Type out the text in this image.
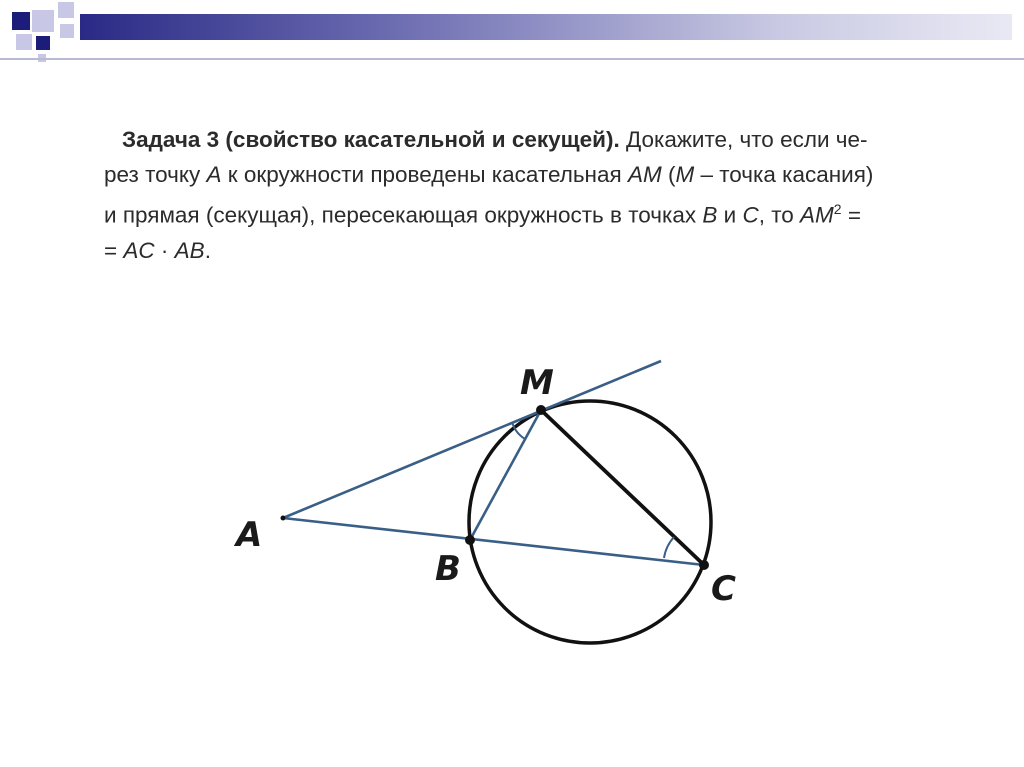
Задача 3 (свойство касательной и секущей). Докажите, что если че-

рез точку A к окружности проведены касательная AM (M – точка касания)

и прямая (секущая), пересекающая окружность в точках B и C, то $AM^2$ =

= AC · AB.

A
B	C
M
